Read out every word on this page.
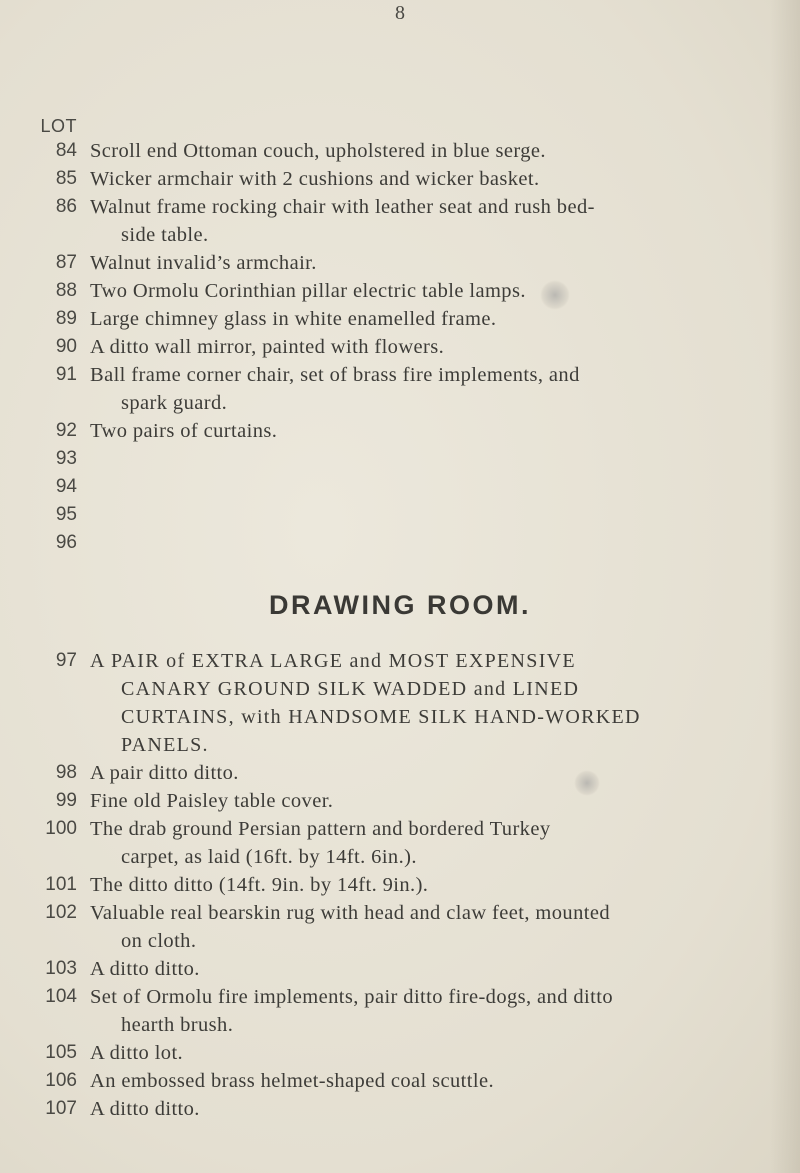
8
LOT
84 Scroll end Ottoman couch, upholstered in blue serge.
85 Wicker armchair with 2 cushions and wicker basket.
86 Walnut frame rocking chair with leather seat and rush bed-
side table.
87 Walnut invalid’s armchair.
88 Two Ormolu Corinthian pillar electric table lamps.
89 Large chimney glass in white enamelled frame.
90 A ditto wall mirror, painted with flowers.
91 Ball frame corner chair, set of brass fire implements, and
spark guard.
92 Two pairs of curtains.
93
94
95
96
DRAWING ROOM.
97 A PAIR of EXTRA LARGE and MOST EXPENSIVE
CANARY GROUND SILK WADDED and LINED
CURTAINS, with HANDSOME SILK HAND-WORKED
PANELS.
98 A pair ditto ditto.
99 Fine old Paisley table cover.
100 The drab ground Persian pattern and bordered Turkey
carpet, as laid (16ft. by 14ft. 6in.).
101 The ditto ditto (14ft. 9in. by 14ft. 9in.).
102 Valuable real bearskin rug with head and claw feet, mounted
on cloth.
103 A ditto ditto.
104 Set of Ormolu fire implements, pair ditto fire-dogs, and ditto
hearth brush.
105 A ditto lot.
106 An embossed brass helmet-shaped coal scuttle.
107 A ditto ditto.
